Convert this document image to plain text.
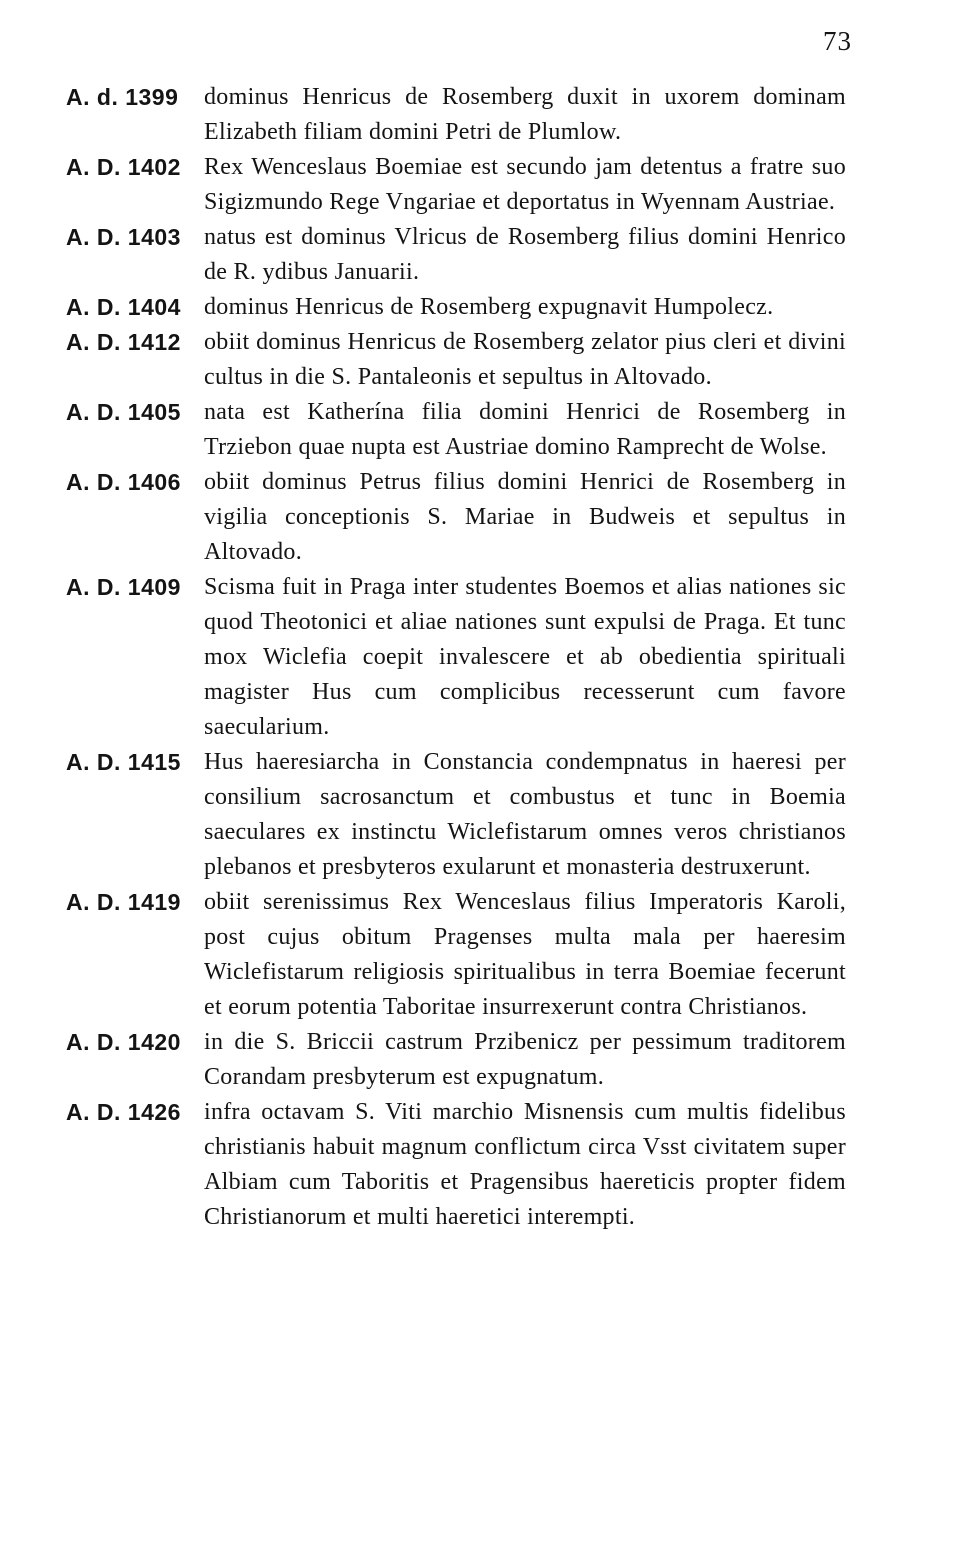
73
A. d. 1399	dominus Henricus de Rosemberg duxit in uxorem dominam Elizabeth filiam domini Petri de Plumlow.
A. D. 1402 Rex Wenceslaus Boemiae est secundo jam detentus a fratre suo Sigizmundo Rege Vngariae et deportatus in Wyennam Austriae.
A. D. 1403 natus est dominus Vlricus de Rosemberg filius domini Henrico de R. ydibus Januarii.
A. D. 1404 dominus Henricus de Rosemberg expugnavit Humpolecz.
A. D. 1412 obiit dominus Henricus de Rosemberg zelator pius cleri et divini cultus in die S. Pantaleonis et sepultus in Altovado.
A. D. 1405 nata est Katherína filia domini Henrici de Rosemberg in Trziebon quae nupta est Austriae domino Ramprecht de Wolse.
A. D. 1406 obiit dominus Petrus filius domini Henrici de Rosemberg in vigilia conceptionis S. Mariae in Budweis et sepultus in Altovado.
A. D. 1409 Scisma fuit in Praga inter studentes Boemos et alias nationes sic quod Theotonici et aliae nationes sunt expulsi de Praga. Et tunc mox Wiclefia coepit invalescere et ab obedientia spirituali magister Hus cum complicibus recesserunt cum favore saecularium.
A. D. 1415 Hus haeresiarcha in Constancia condempnatus in haeresi per consilium sacrosanctum et combustus et tunc in Boemia saeculares ex instinctu Wiclefistarum omnes veros christianos plebanos et presbyteros exularunt et monasteria destruxerunt.
A. D. 1419 obiit serenissimus Rex Wenceslaus filius Imperatoris Karoli, post cujus obitum Pragenses multa mala per haeresim Wiclefistarum religiosis spiritualibus in terra Boemiae fecerunt et eorum potentia Taboritae insurrexerunt contra Christianos.
A. D. 1420 in die S. Briccii castrum Przibenicz per pessimum traditorem Corandam presbyterum est expugnatum.
A. D. 1426 infra octavam S. Viti marchio Misnensis cum multis fidelibus christianis habuit magnum conflictum circa Vsst civitatem super Albiam cum Taboritis et Pragensibus haereticis propter fidem Christianorum et multi haeretici interempti.
